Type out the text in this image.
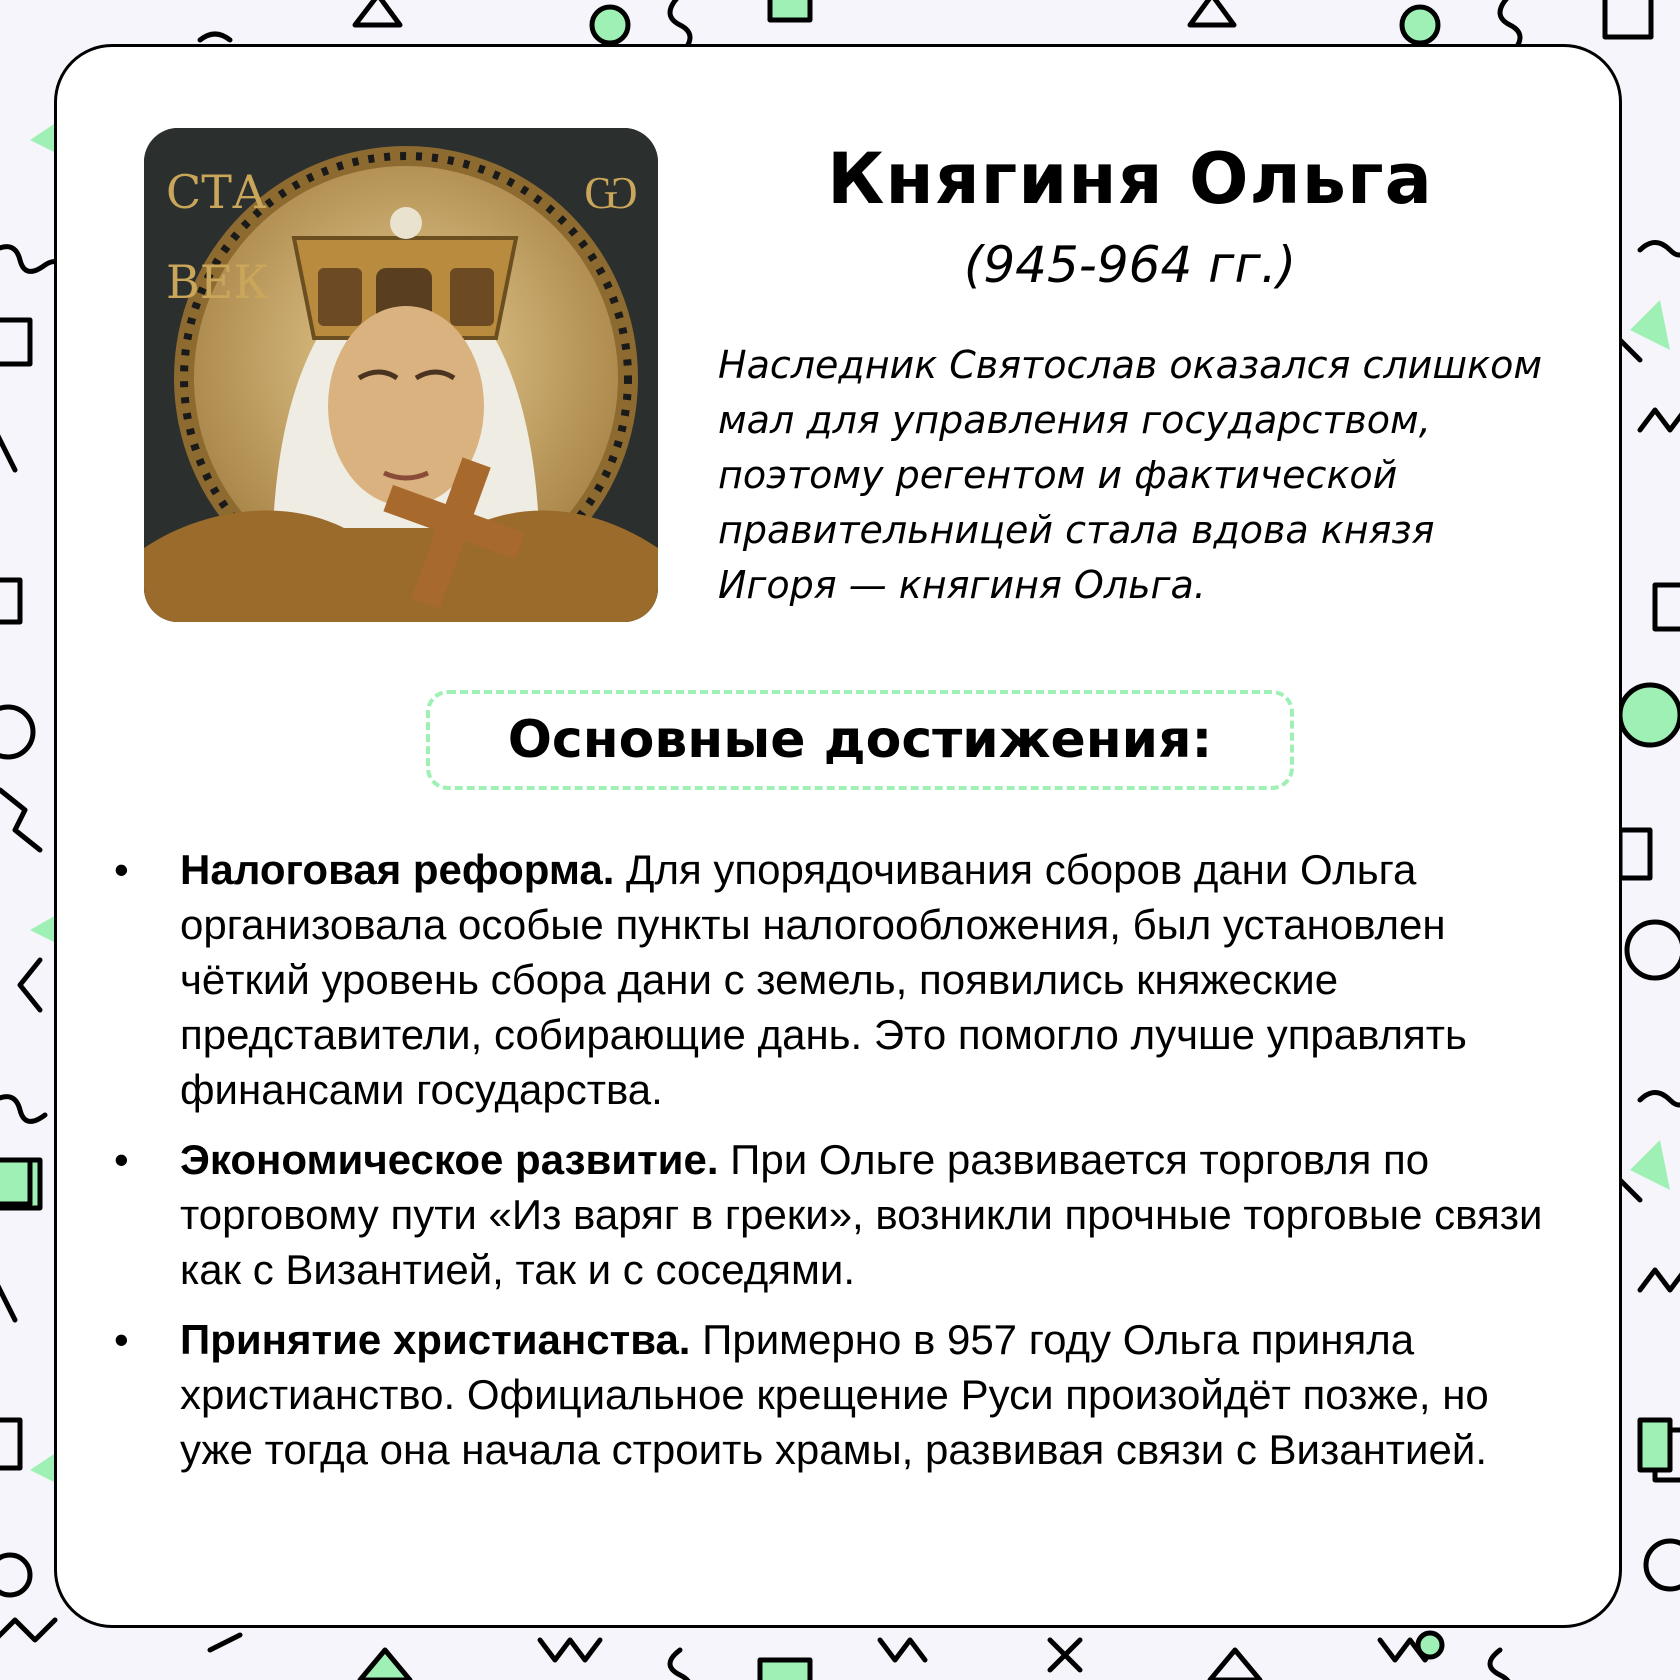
СТА
ВЕК
Ѡ	Княгиня Ольга
(945-964 гг.)

Наследник Святослав оказался слишком мал для управления государством, поэтому регентом и фактической правительницей стала вдова князя Игоря — княгиня Ольга.

Основные достижения:
• Налоговая реформа. Для упорядочивания сборов дани Ольга организовала особые пункты налогообложения, был установлен чёткий уровень сбора дани с земель, появились княжеские представители, собирающие дань. Это помогло лучше управлять финансами государства.
• Экономическое развитие. При Ольге развивается торговля по торговому пути «Из варяг в греки», возникли прочные торговые связи как с Византией, так и с соседями.
• Принятие христианства. Примерно в 957 году Ольга приняла христианство. Официальное крещение Руси произойдёт позже, но уже тогда она начала строить храмы, развивая связи с Византией.
